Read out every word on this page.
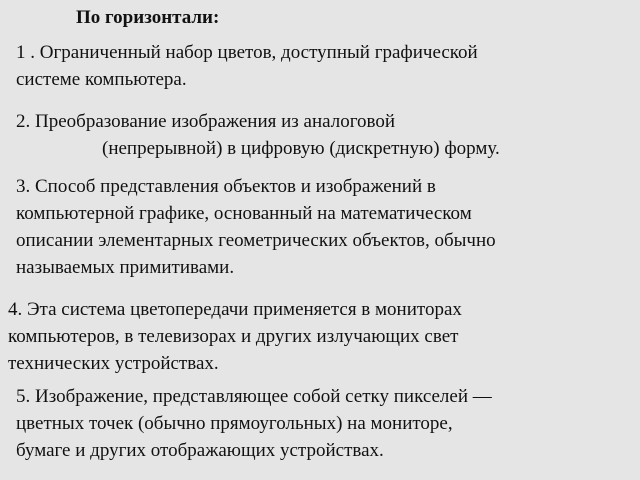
По горизонтали:
1 . Ограниченный набор цветов, доступный графической
системе компьютера.
2. Преобразование изображения из аналоговой
(непрерывной) в цифровую (дискретную) форму.
3. Способ представления объектов и изображений в
компьютерной графике, основанный на математическом
описании элементарных геометрических объектов, обычно
называемых примитивами.
4. Эта система цветопередачи применяется в мониторах
компьютеров, в телевизорах и других излучающих свет
технических устройствах.
5. Изображение, представляющее собой сетку пикселей —
цветных точек (обычно прямоугольных) на мониторе,
бумаге и других отображающих устройствах.
